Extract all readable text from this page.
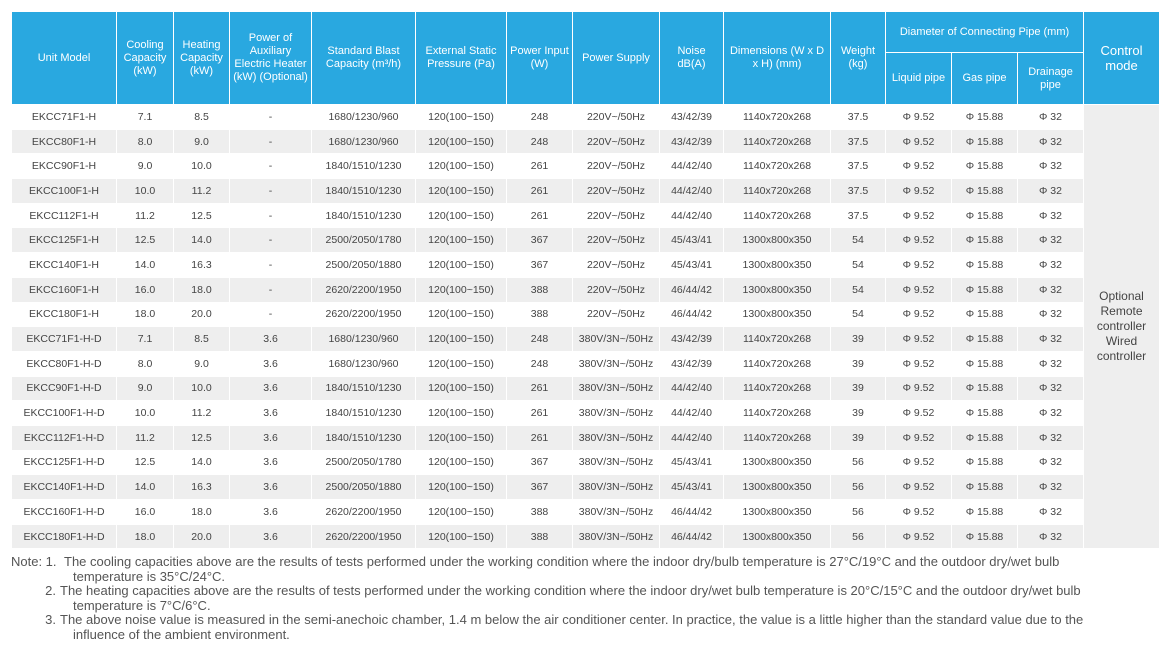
Unit Model	Cooling Capacity (kW)	Heating Capacity (kW)	Power of Auxiliary Electric Heater (kW) (Optional)	Standard Blast Capacity (m³/h)	External Static Pressure (Pa)	Power Input (W)	Power Supply	Noise dB(A)	Dimensions (W x D x H) (mm)	Weight (kg)	Diameter of Connecting Pipe (mm)			Control mode
											Liquid pipe	Gas pipe	Drainage pipe	
EKCC71F1-H	7.1	8.5	-	1680/1230/960	120(100~150)	248	220V~/50Hz	43/42/39	1140x720x268	37.5	Φ 9.52	Φ 15.88	Φ 32	Optional Remote controller Wired controller
EKCC80F1-H	8.0	9.0	-	1680/1230/960	120(100~150)	248	220V~/50Hz	43/42/39	1140x720x268	37.5	Φ 9.52	Φ 15.88	Φ 32	
EKCC90F1-H	9.0	10.0	-	1840/1510/1230	120(100~150)	261	220V~/50Hz	44/42/40	1140x720x268	37.5	Φ 9.52	Φ 15.88	Φ 32	
EKCC100F1-H	10.0	11.2	-	1840/1510/1230	120(100~150)	261	220V~/50Hz	44/42/40	1140x720x268	37.5	Φ 9.52	Φ 15.88	Φ 32	
EKCC112F1-H	11.2	12.5	-	1840/1510/1230	120(100~150)	261	220V~/50Hz	44/42/40	1140x720x268	37.5	Φ 9.52	Φ 15.88	Φ 32	
EKCC125F1-H	12.5	14.0	-	2500/2050/1780	120(100~150)	367	220V~/50Hz	45/43/41	1300x800x350	54	Φ 9.52	Φ 15.88	Φ 32	
EKCC140F1-H	14.0	16.3	-	2500/2050/1880	120(100~150)	367	220V~/50Hz	45/43/41	1300x800x350	54	Φ 9.52	Φ 15.88	Φ 32	
EKCC160F1-H	16.0	18.0	-	2620/2200/1950	120(100~150)	388	220V~/50Hz	46/44/42	1300x800x350	54	Φ 9.52	Φ 15.88	Φ 32	
EKCC180F1-H	18.0	20.0	-	2620/2200/1950	120(100~150)	388	220V~/50Hz	46/44/42	1300x800x350	54	Φ 9.52	Φ 15.88	Φ 32	
EKCC71F1-H-D	7.1	8.5	3.6	1680/1230/960	120(100~150)	248	380V/3N~/50Hz	43/42/39	1140x720x268	39	Φ 9.52	Φ 15.88	Φ 32	
EKCC80F1-H-D	8.0	9.0	3.6	1680/1230/960	120(100~150)	248	380V/3N~/50Hz	43/42/39	1140x720x268	39	Φ 9.52	Φ 15.88	Φ 32	
EKCC90F1-H-D	9.0	10.0	3.6	1840/1510/1230	120(100~150)	261	380V/3N~/50Hz	44/42/40	1140x720x268	39	Φ 9.52	Φ 15.88	Φ 32	
EKCC100F1-H-D	10.0	11.2	3.6	1840/1510/1230	120(100~150)	261	380V/3N~/50Hz	44/42/40	1140x720x268	39	Φ 9.52	Φ 15.88	Φ 32	
EKCC112F1-H-D	11.2	12.5	3.6	1840/1510/1230	120(100~150)	261	380V/3N~/50Hz	44/42/40	1140x720x268	39	Φ 9.52	Φ 15.88	Φ 32	
EKCC125F1-H-D	12.5	14.0	3.6	2500/2050/1780	120(100~150)	367	380V/3N~/50Hz	45/43/41	1300x800x350	56	Φ 9.52	Φ 15.88	Φ 32	
EKCC140F1-H-D	14.0	16.3	3.6	2500/2050/1880	120(100~150)	367	380V/3N~/50Hz	45/43/41	1300x800x350	56	Φ 9.52	Φ 15.88	Φ 32	
EKCC160F1-H-D	16.0	18.0	3.6	2620/2200/1950	120(100~150)	388	380V/3N~/50Hz	46/44/42	1300x800x350	56	Φ 9.52	Φ 15.88	Φ 32	
EKCC180F1-H-D	18.0	20.0	3.6	2620/2200/1950	120(100~150)	388	380V/3N~/50Hz	46/44/42	1300x800x350	56	Φ 9.52	Φ 15.88	Φ 32	
Note: 1. The cooling capacities above are the results of tests performed under the working condition where the indoor dry/bulb temperature is 27°C/19°C and the outdoor dry/wet bulb
temperature is 35°C/24°C.
2. The heating capacities above are the results of tests performed under the working condition where the indoor dry/wet bulb temperature is 20°C/15°C and the outdoor dry/wet bulb
temperature is 7°C/6°C.
3. The above noise value is measured in the semi-anechoic chamber, 1.4 m below the air conditioner center. In practice, the value is a little higher than the standard value due to the
influence of the ambient environment.
